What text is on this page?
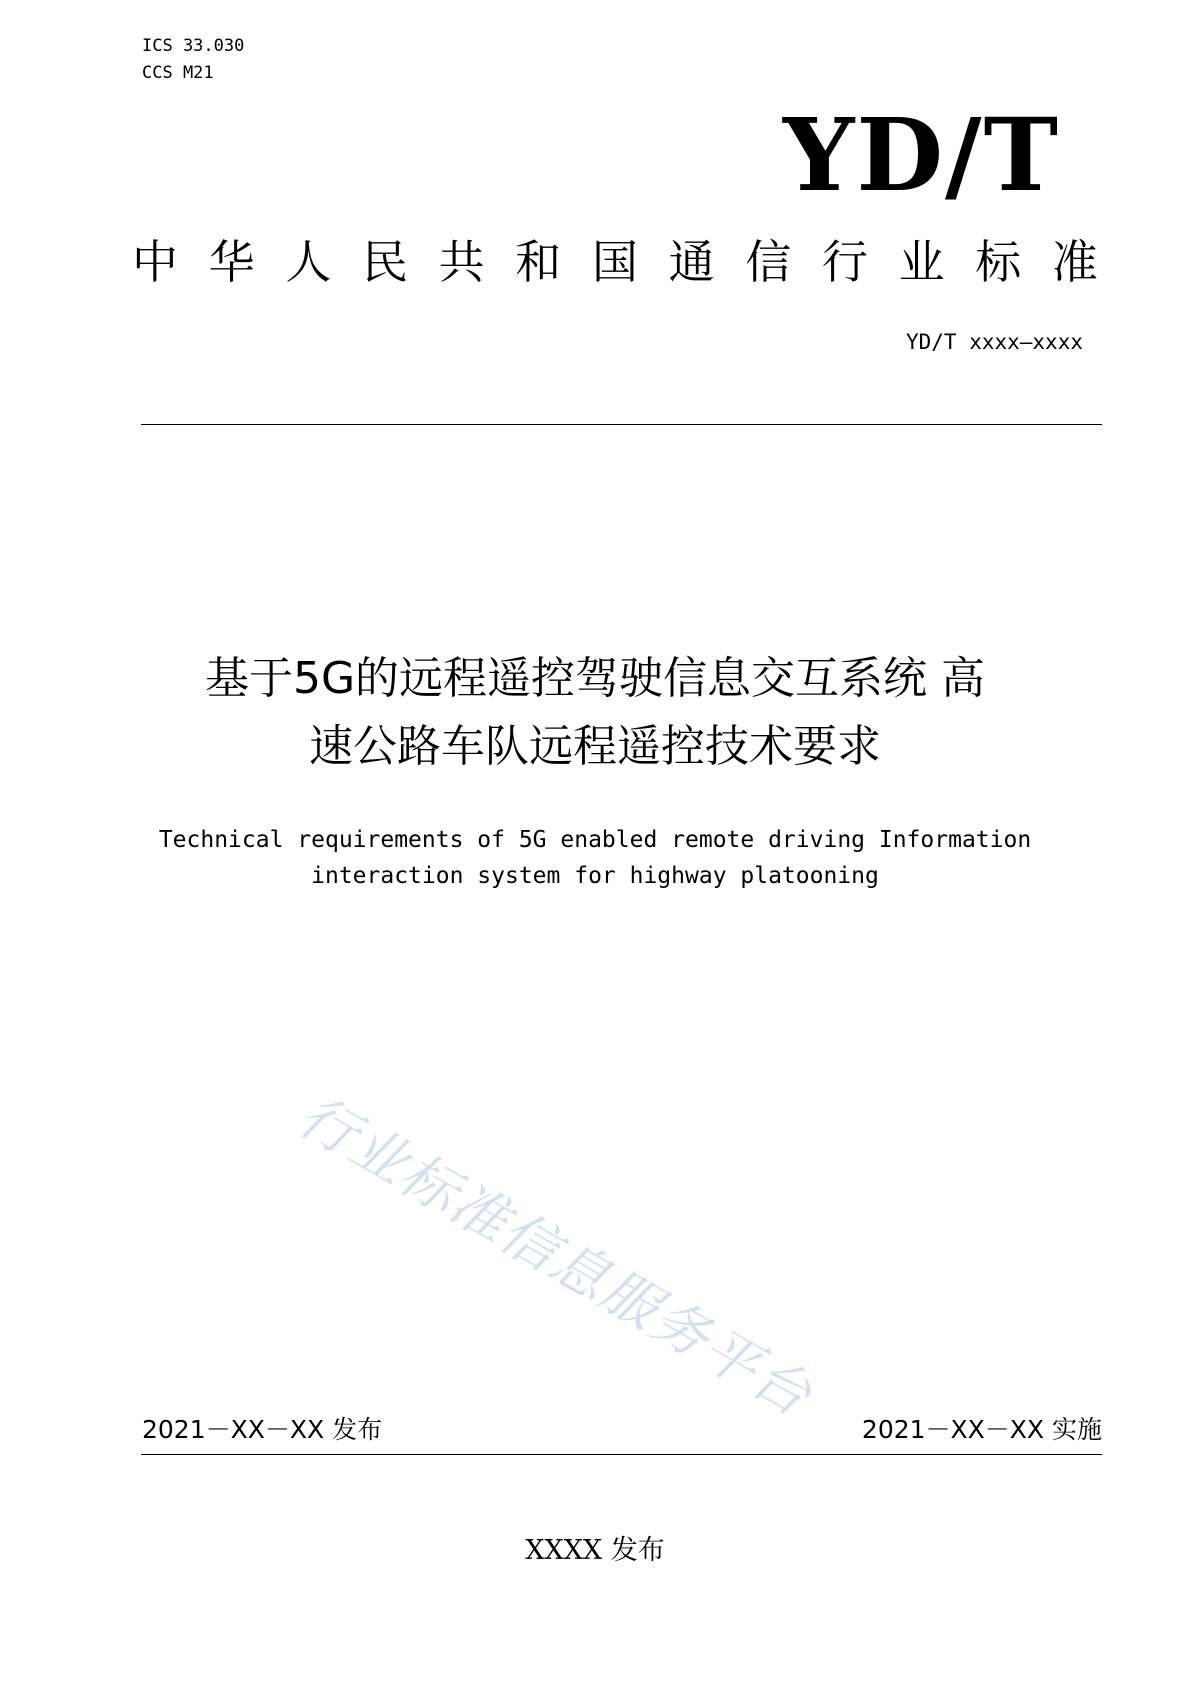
ICS 33.030
CCS M21
YD/T
中 华 人 民 共 和 国 通 信 行 业 标 准
YD/T xxxx—xxxx
基于5G的远程遥控驾驶信息交互系统 高
速公路车队远程遥控技术要求
Technical requirements of 5G enabled remote driving Information
interaction system for highway platooning
行业标准信息服务平台
2021－XX－XX 发布	2021－XX－XX 实施
XXXX 发布
